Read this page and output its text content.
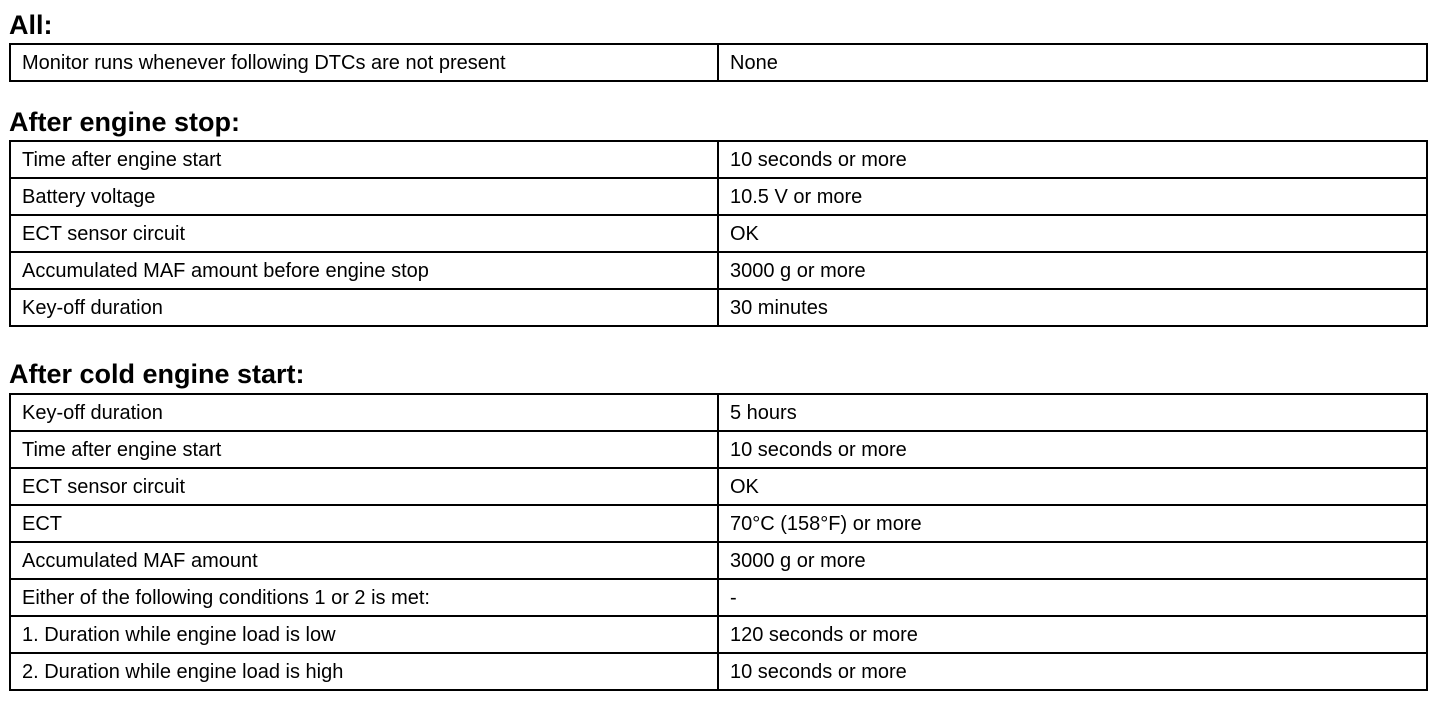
All:
Monitor runs whenever following DTCs are not present	None
After engine stop:
Time after engine start	10 seconds or more
Battery voltage	10.5 V or more
ECT sensor circuit	OK
Accumulated MAF amount before engine stop	3000 g or more
Key-off duration	30 minutes
After cold engine start:
Key-off duration	5 hours
Time after engine start	10 seconds or more
ECT sensor circuit	OK
ECT	70°C (158°F) or more
Accumulated MAF amount	3000 g or more
Either of the following conditions 1 or 2 is met:	-
1. Duration while engine load is low	120 seconds or more
2. Duration while engine load is high	10 seconds or more
